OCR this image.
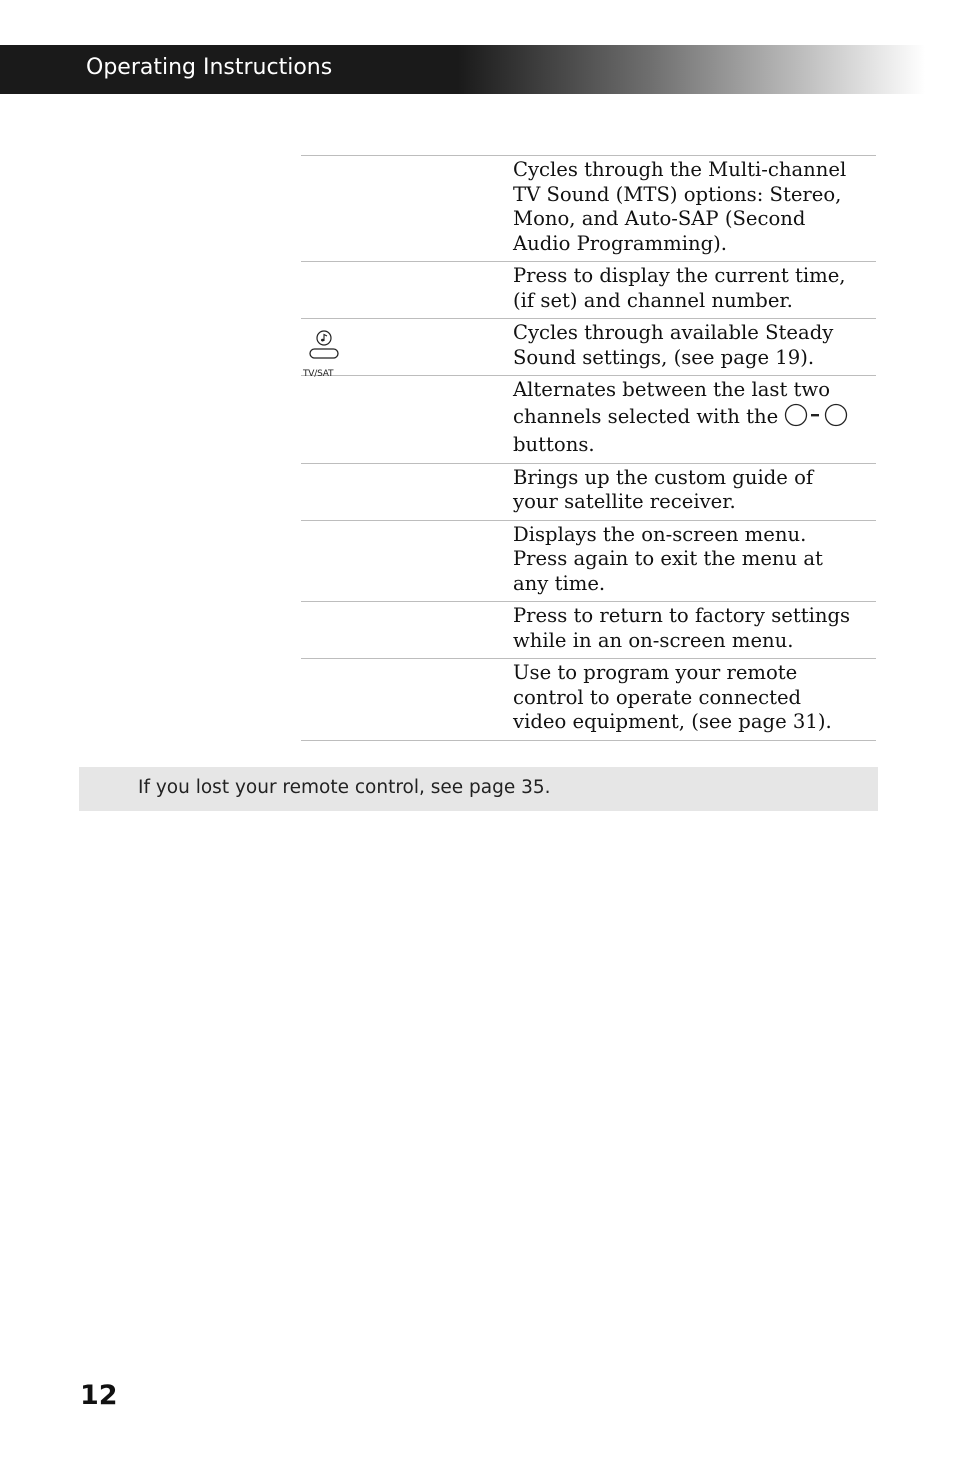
Operating Instructions
Cycles through the Multi-channel
TV Sound (MTS) options: Stereo,
Mono, and Auto-SAP (Second
Audio Programming).
Press to display the current time,
(if set) and channel number.
TV/SAT
Cycles through available Steady
Sound settings, (see page 19).
Alternates between the last two
channels selected with the
buttons.
Brings up the custom guide of
your satellite receiver.
Displays the on-screen menu.
Press again to exit the menu at
any time.
Press to return to factory settings
while in an on-screen menu.
Use to program your remote
control to operate connected
video equipment, (see page 31).
If you lost your remote control, see page 35.
12
